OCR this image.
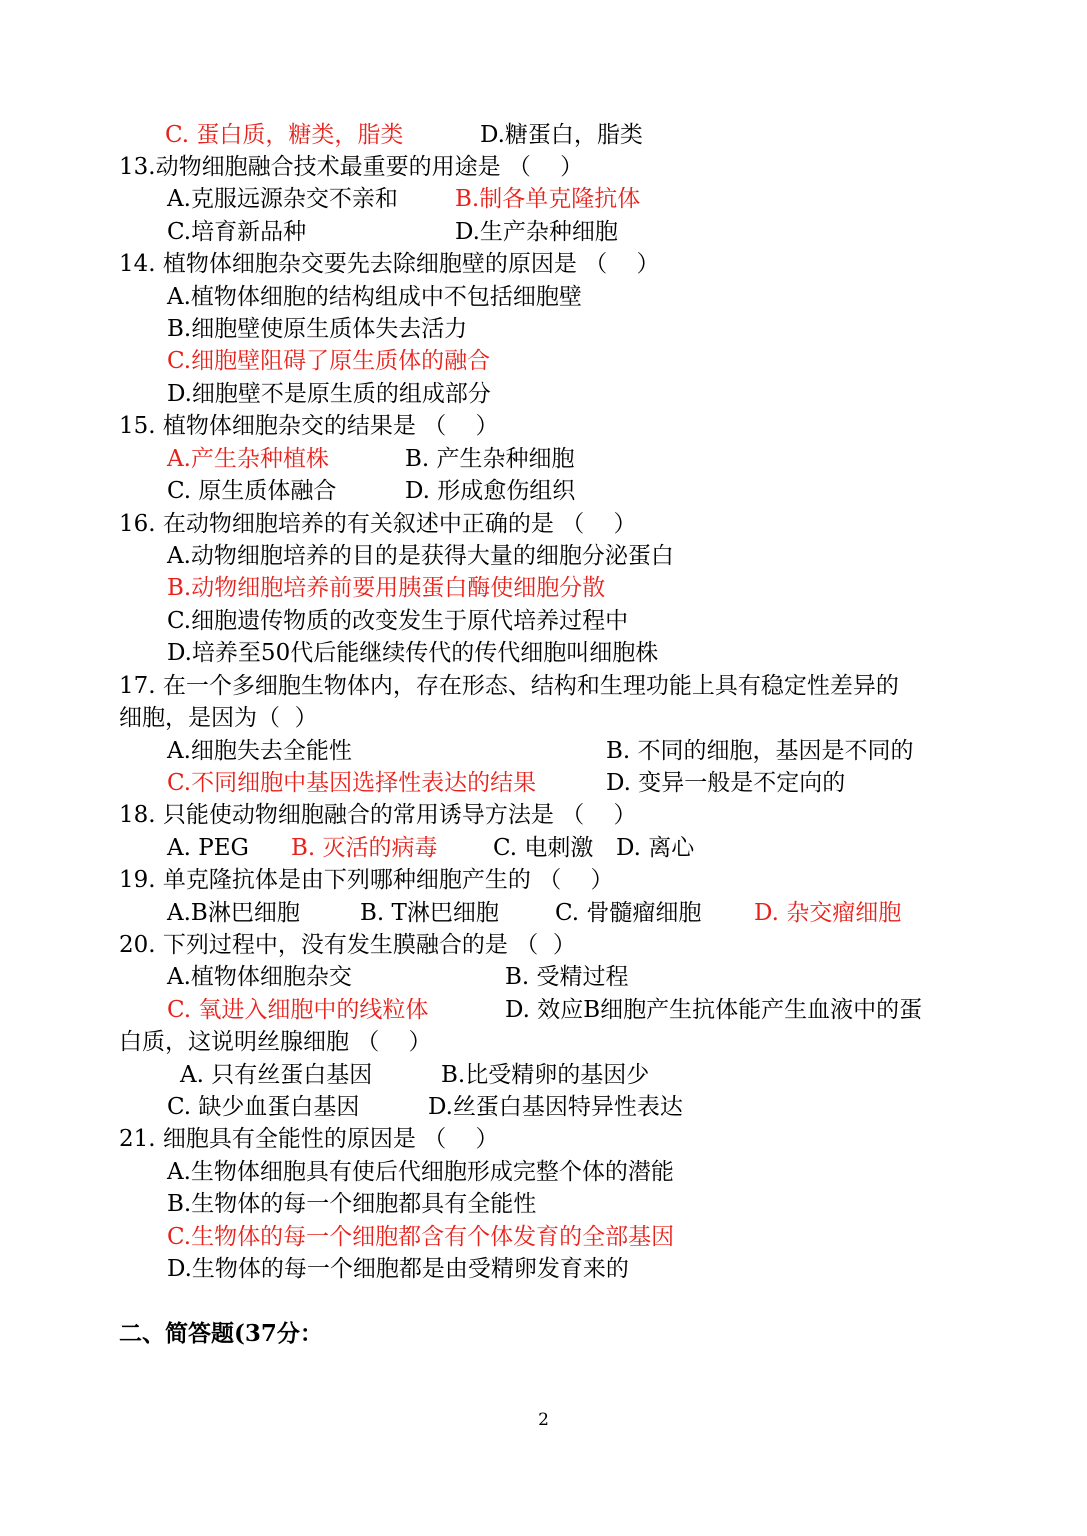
C. 蛋白质，糖类，脂类	D.糖蛋白，脂类
13.动物细胞融合技术最重要的用途是 （    ）
A.克服远源杂交不亲和 B.制各单克隆抗体
C.培育新品种	D.生产杂种细胞
14. 植物体细胞杂交要先去除细胞壁的原因是 （    ）
A.植物体细胞的结构组成中不包括细胞壁
B.细胞壁使原生质体失去活力
C.细胞壁阻碍了原生质体的融合
D.细胞壁不是原生质的组成部分
15. 植物体细胞杂交的结果是 （    ）
A.产生杂种植株	B. 产生杂种细胞
C. 原生质体融合	D. 形成愈伤组织
16. 在动物细胞培养的有关叙述中正确的是 （    ）
A.动物细胞培养的目的是获得大量的细胞分泌蛋白
B.动物细胞培养前要用胰蛋白酶使细胞分散
C.细胞遗传物质的改变发生于原代培养过程中
D.培养至50代后能继续传代的传代细胞叫细胞株
17. 在一个多细胞生物体内，存在形态、结构和生理功能上具有稳定性差异的
细胞，是因为（  ）
A.细胞失去全能性	B. 不同的细胞，基因是不同的
C.不同细胞中基因选择性表达的结果	D. 变异一般是不定向的
18. 只能使动物细胞融合的常用诱导方法是 （    ）
A. PEG B. 灭活的病毒 C. 电刺激 D. 离心
19. 单克隆抗体是由下列哪种细胞产生的 （    ）
A.B淋巴细胞	B. T淋巴细胞 C. 骨髓瘤细胞 D. 杂交瘤细胞
20. 下列过程中，没有发生膜融合的是 （  ）
A.植物体细胞杂交	B. 受精过程
C. 氧进入细胞中的线粒体	D. 效应B细胞产生抗体能产生血液中的蛋
白质，这说明丝腺细胞 （    ）
A. 只有丝蛋白基因	B.比受精卵的基因少
C. 缺少血蛋白基因	D.丝蛋白基因特异性表达
21. 细胞具有全能性的原因是 （    ）
A.生物体细胞具有使后代细胞形成完整个体的潜能
B.生物体的每一个细胞都具有全能性
C.生物体的每一个细胞都含有个体发育的全部基因
D.生物体的每一个细胞都是由受精卵发育来的
二、简答题(37分：
2
